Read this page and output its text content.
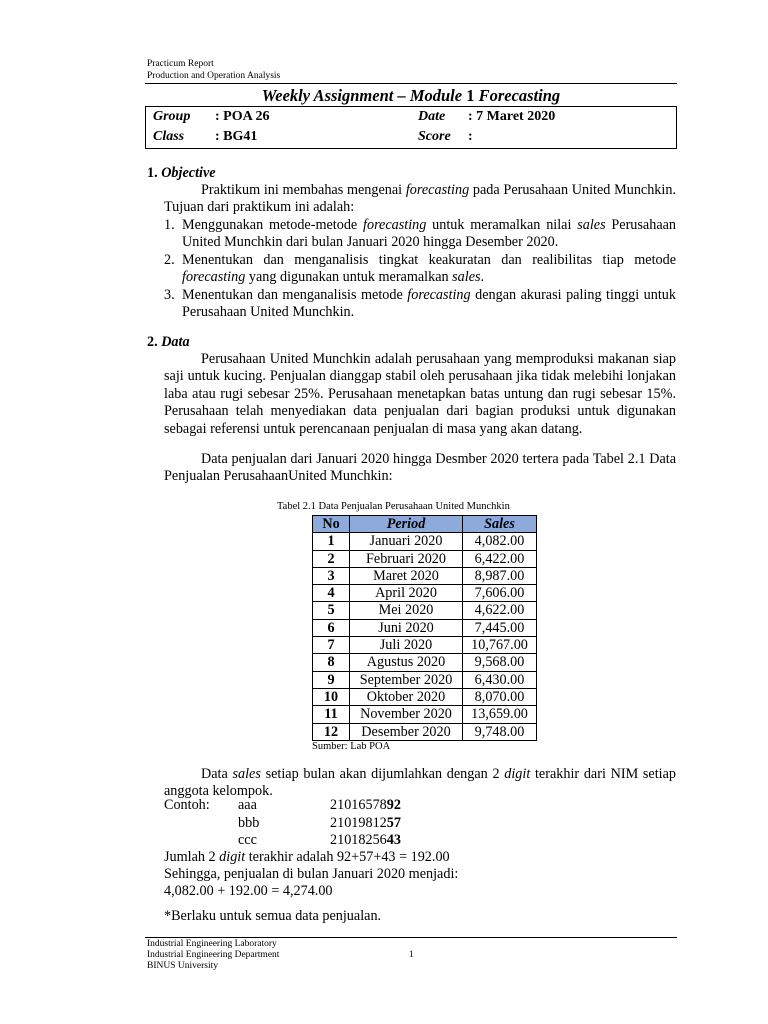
Practicum Report
Production and Operation Analysis
Weekly Assignment – Module 1 Forecasting
Group : POA 26	Date : 7 Maret 2020
Class : BG41	Score :
1. Objective
Praktikum ini membahas mengenai forecasting pada Perusahaan United Munchkin. Tujuan dari praktikum ini adalah:
1. Menggunakan metode-metode forecasting untuk meramalkan nilai sales Perusahaan United Munchkin dari bulan Januari 2020 hingga Desember 2020.
2. Menentukan dan menganalisis tingkat keakuratan dan realibilitas tiap metode forecasting yang digunakan untuk meramalkan sales.
3. Menentukan dan menganalisis metode forecasting dengan akurasi paling tinggi untuk Perusahaan United Munchkin.
2. Data
Perusahaan United Munchkin adalah perusahaan yang memproduksi makanan siap saji untuk kucing. Penjualan dianggap stabil oleh perusahaan jika tidak melebihi lonjakan laba atau rugi sebesar 25%. Perusahaan menetapkan batas untung dan rugi sebesar 15%. Perusahaan telah menyediakan data penjualan dari bagian produksi untuk digunakan sebagai referensi untuk perencanaan penjualan di masa yang akan datang.
Data penjualan dari Januari 2020 hingga Desmber 2020 tertera pada Tabel 2.1 Data Penjualan PerusahaanUnited Munchkin:
Tabel 2.1 Data Penjualan Perusahaan United Munchkin
No	Period	Sales
1	Januari 2020	4,082.00
2	Februari 2020	6,422.00
3	Maret 2020	8,987.00
4	April 2020	7,606.00
5	Mei 2020	4,622.00
6	Juni 2020	7,445.00
7	Juli 2020	10,767.00
8	Agustus 2020	9,568.00
9	September 2020	6,430.00
10	Oktober 2020	8,070.00
11	November 2020	13,659.00
12	Desember 2020	9,748.00
Sumber: Lab POA
Data sales setiap bulan akan dijumlahkan dengan 2 digit terakhir dari NIM setiap anggota kelompok.
Contoh: aaa	2101657892
bbb	2101981257
ccc	2101825643
Jumlah 2 digit terakhir adalah 92+57+43 = 192.00
Sehingga, penjualan di bulan Januari 2020 menjadi:
4,082.00 + 192.00 = 4,274.00
*Berlaku untuk semua data penjualan.
Industrial Engineering Laboratory
Industrial Engineering Department
BINUS University
1
